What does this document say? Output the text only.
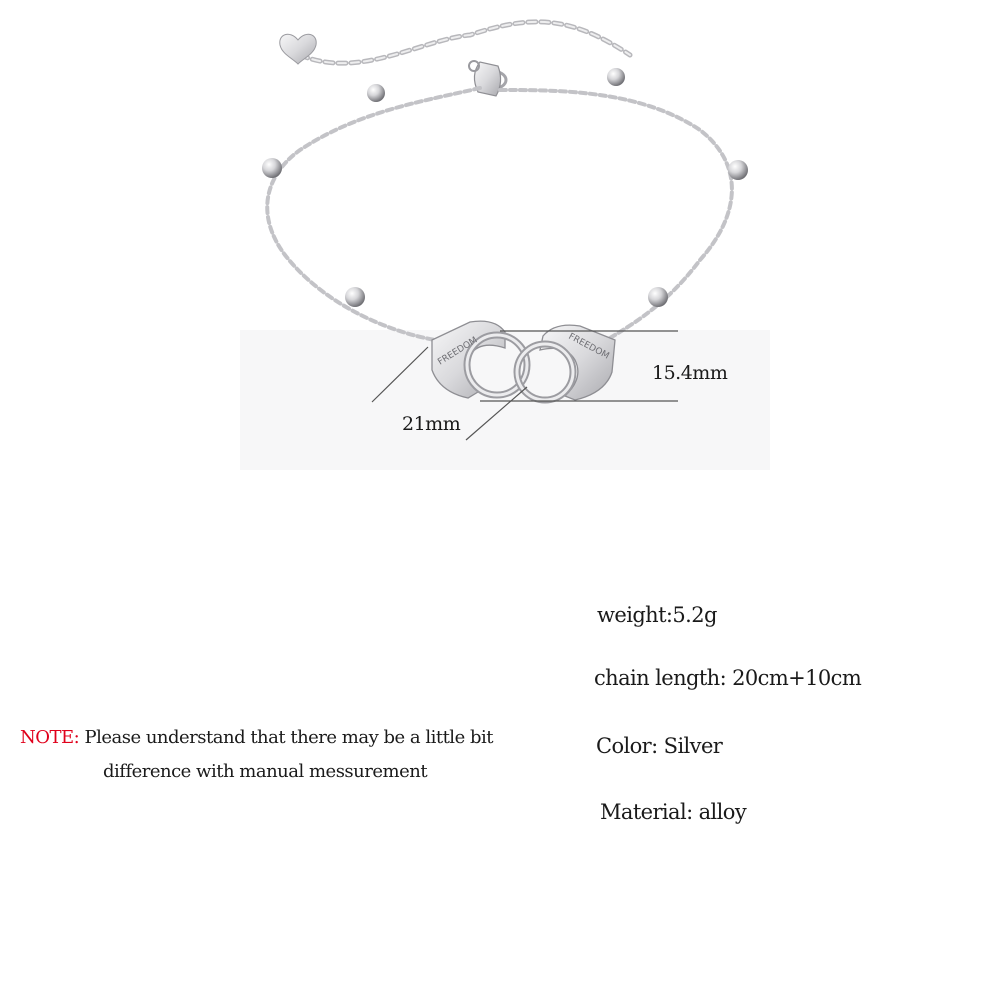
FREEDOM	FREEDOM
15.4mm
21mm
weight:5.2g
chain length: 20cm+10cm
Color: Silver
Material: alloy
NOTE: Please understand that there may be a little bit
difference with manual messurement
